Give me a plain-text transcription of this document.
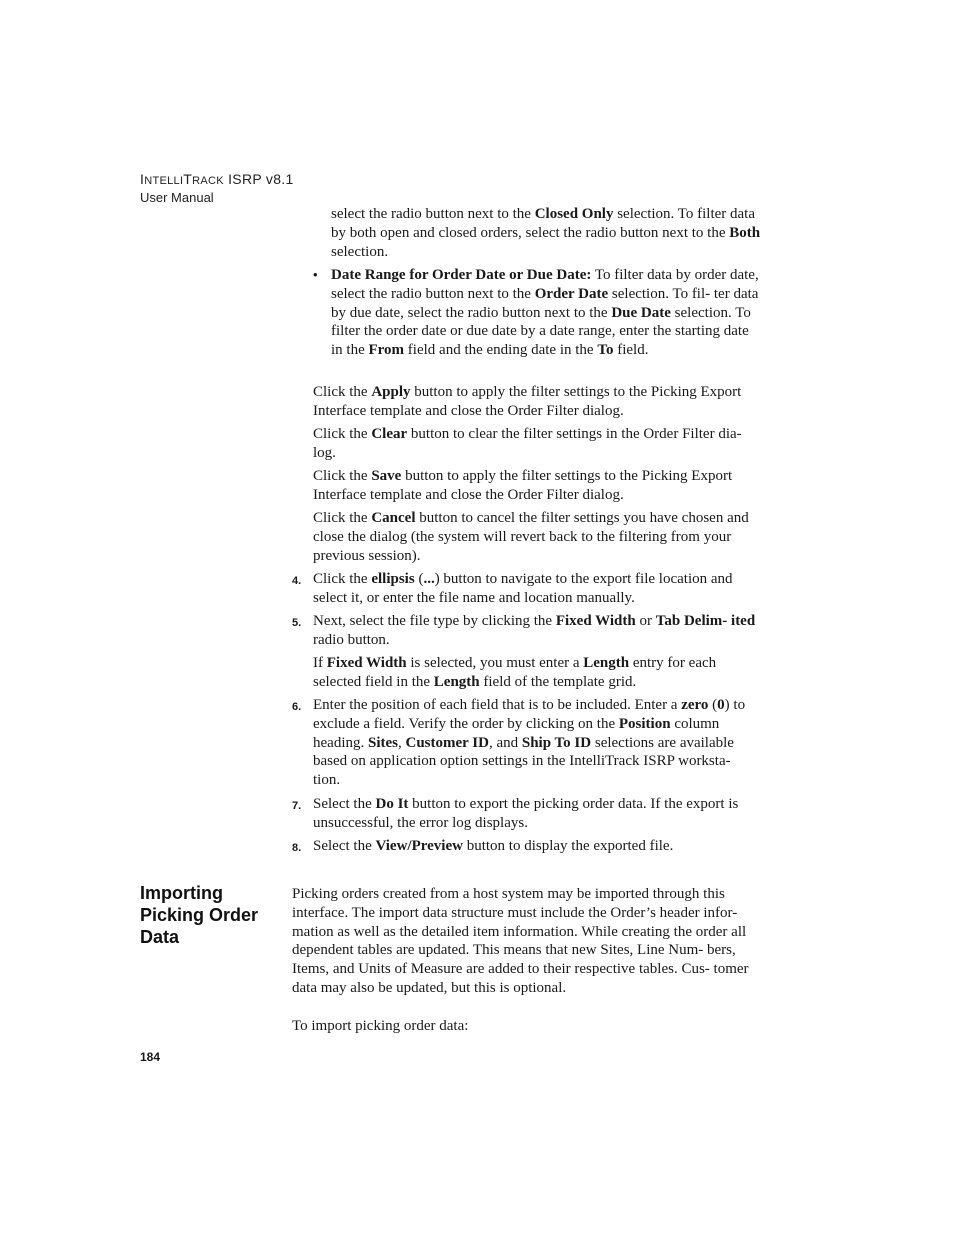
INTELLITRACK ISRP v8.1
User Manual

select the radio button next to the Closed Only selection. To filter data by both open and closed orders, select the radio button next to the Both selection.

• Date Range for Order Date or Due Date: To filter data by order date, select the radio button next to the Order Date selection. To fil- ter data by due date, select the radio button next to the Due Date selection. To filter the order date or due date by a date range, enter the starting date in the From field and the ending date in the To field.

Click the Apply button to apply the filter settings to the Picking Export Interface template and close the Order Filter dialog.

Click the Clear button to clear the filter settings in the Order Filter dia- log.

Click the Save button to apply the filter settings to the Picking Export Interface template and close the Order Filter dialog.

Click the Cancel button to cancel the filter settings you have chosen and close the dialog (the system will revert back to the filtering from your previous session).

4. Click the ellipsis (...) button to navigate to the export file location and select it, or enter the file name and location manually.

5. Next, select the file type by clicking the Fixed Width or Tab Delim- ited radio button.

If Fixed Width is selected, you must enter a Length entry for each selected field in the Length field of the template grid.

6. Enter the position of each field that is to be included. Enter a zero (0) to exclude a field. Verify the order by clicking on the Position column heading. Sites, Customer ID, and Ship To ID selections are available based on application option settings in the IntelliTrack ISRP worksta- tion.

7. Select the Do It button to export the picking order data. If the export is unsuccessful, the error log displays.

8. Select the View/Preview button to display the exported file.

Importing Picking Order Data

Picking orders created from a host system may be imported through this interface. The import data structure must include the Order’s header infor- mation as well as the detailed item information. While creating the order all dependent tables are updated. This means that new Sites, Line Num- bers, Items, and Units of Measure are added to their respective tables. Cus- tomer data may also be updated, but this is optional.

To import picking order data:

184
